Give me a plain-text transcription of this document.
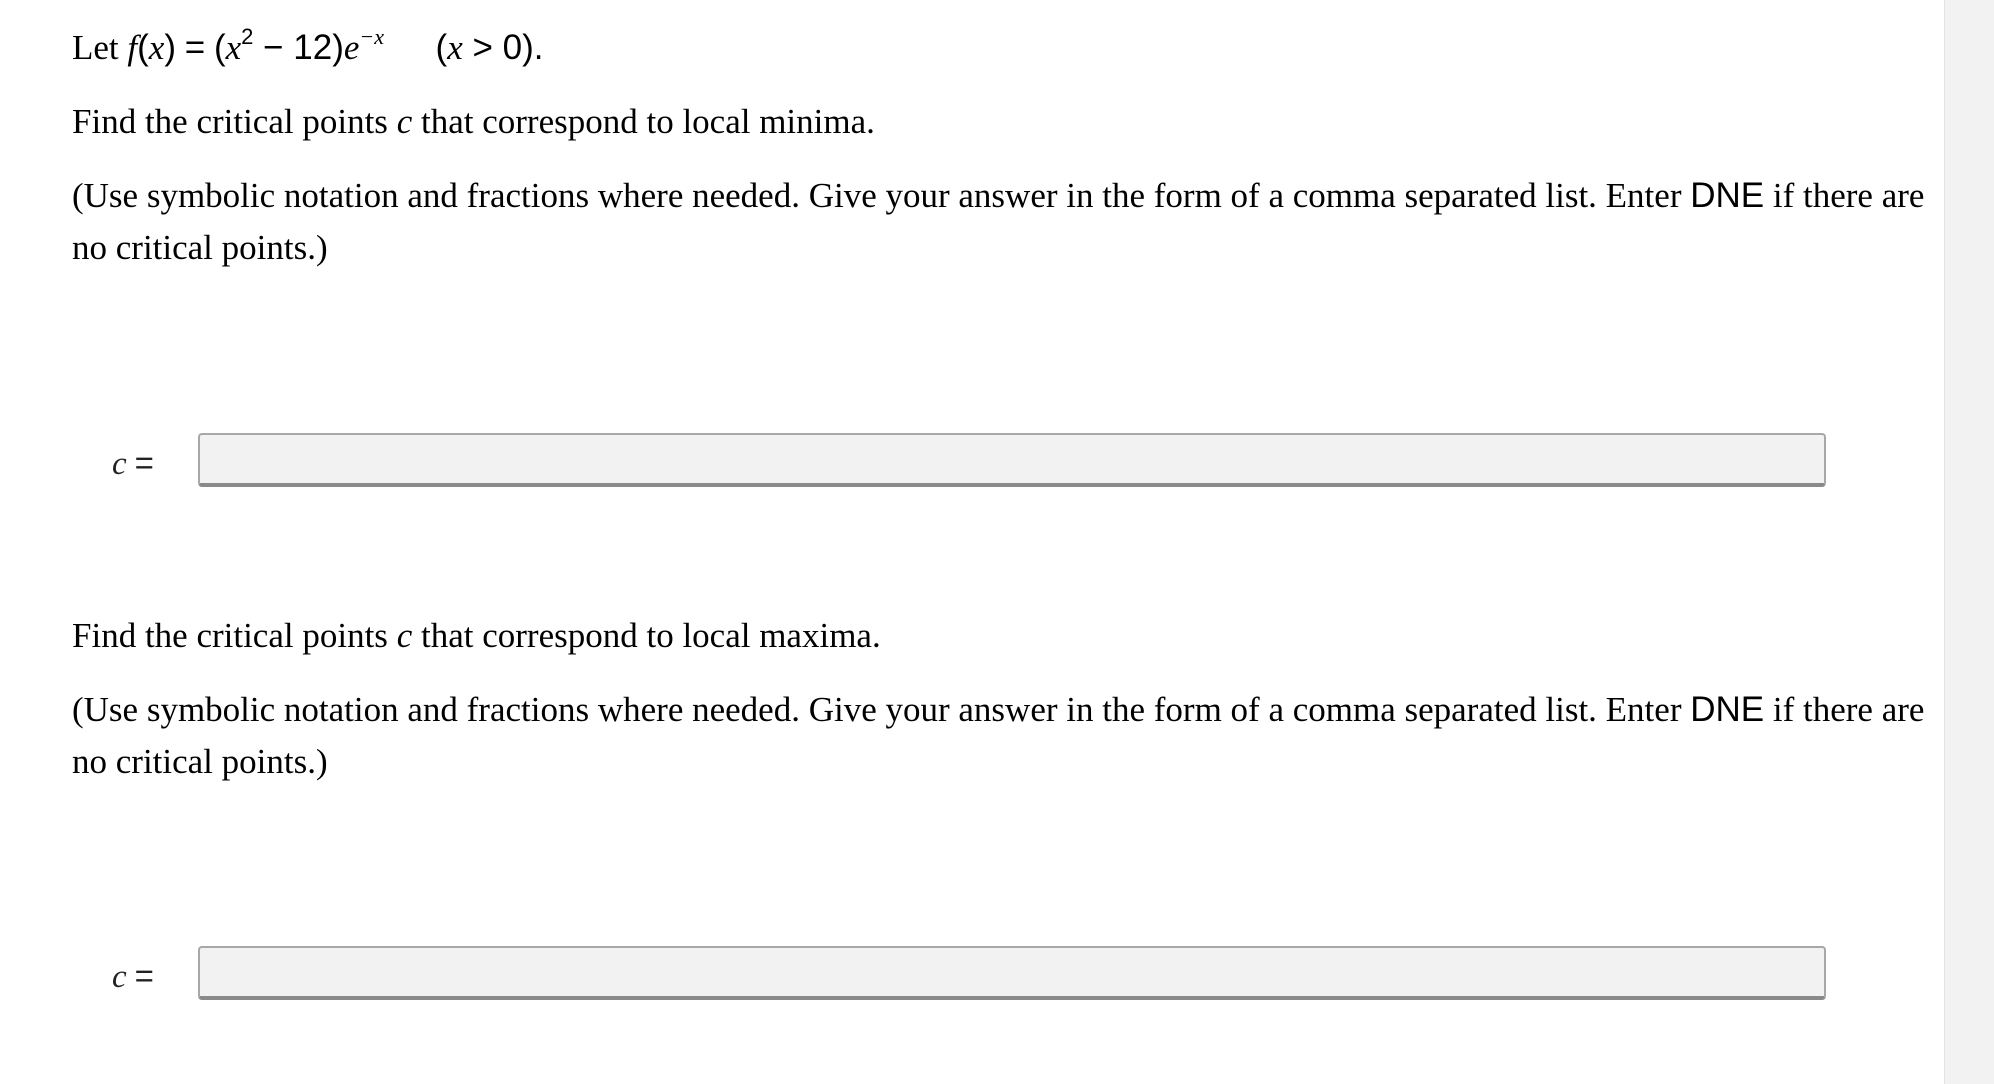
Let $f(x) = (x^2 - 12)e^{-x}$ (x > 0).
Find the critical points c that correspond to local minima.
(Use symbolic notation and fractions where needed. Give your answer in the form of a comma separated list. Enter DNE if there are no critical points.)
c =
Find the critical points c that correspond to local maxima.
(Use symbolic notation and fractions where needed. Give your answer in the form of a comma separated list. Enter DNE if there are no critical points.)
c =
